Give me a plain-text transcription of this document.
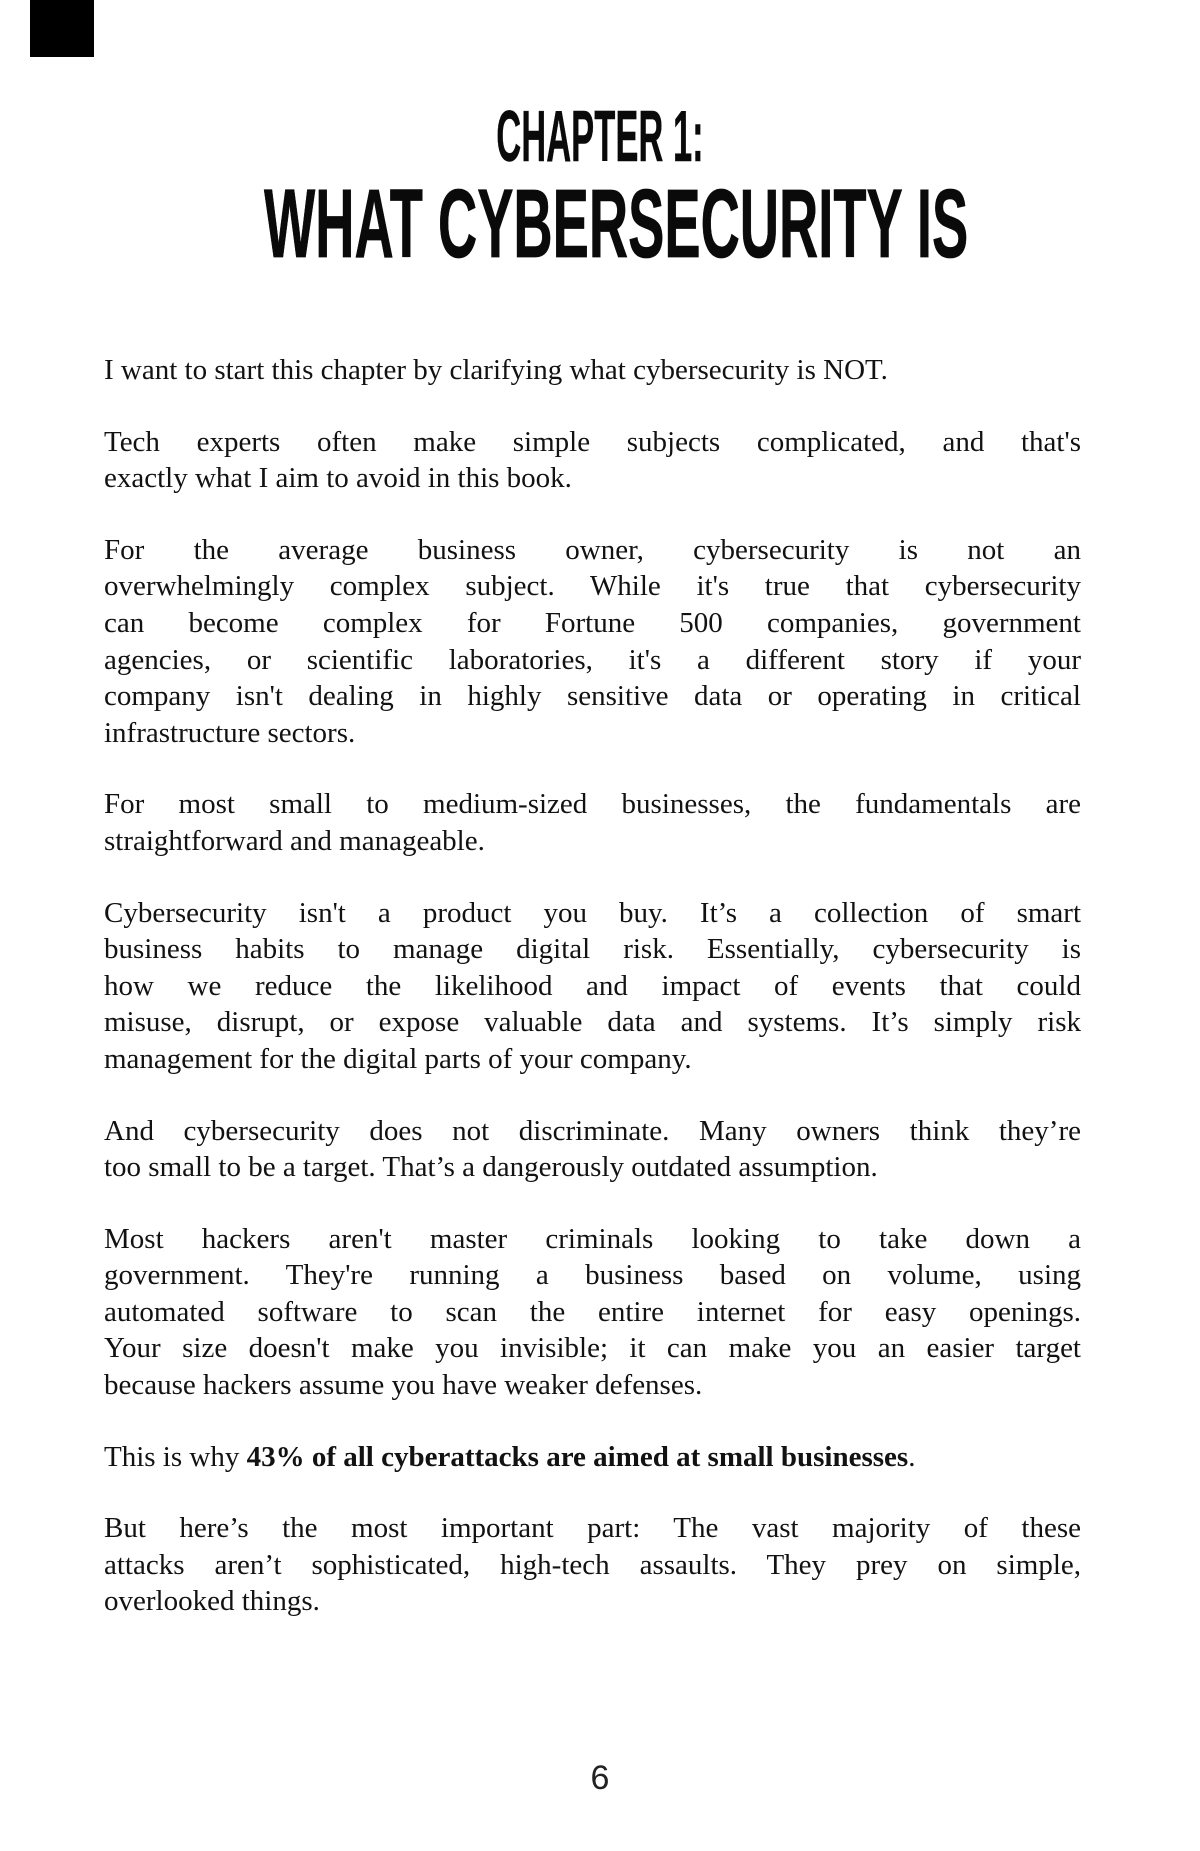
CHAPTER 1:
WHAT CYBERSECURITY IS

I want to start this chapter by clarifying what cybersecurity is NOT.

Tech experts often make simple subjects complicated, and that's
exactly what I aim to avoid in this book.

For the average business owner, cybersecurity is not an
overwhelmingly complex subject. While it's true that cybersecurity
can become complex for Fortune 500 companies, government
agencies, or scientific laboratories, it's a different story if your
company isn't dealing in highly sensitive data or operating in critical
infrastructure sectors.

For most small to medium-sized businesses, the fundamentals are
straightforward and manageable.

Cybersecurity isn't a product you buy. It’s a collection of smart
business habits to manage digital risk. Essentially, cybersecurity is
how we reduce the likelihood and impact of events that could
misuse, disrupt, or expose valuable data and systems. It’s simply risk
management for the digital parts of your company.

And cybersecurity does not discriminate. Many owners think they’re
too small to be a target. That’s a dangerously outdated assumption.

Most hackers aren't master criminals looking to take down a
government. They're running a business based on volume, using
automated software to scan the entire internet for easy openings.
Your size doesn't make you invisible; it can make you an easier target
because hackers assume you have weaker defenses.

This is why 43% of all cyberattacks are aimed at small businesses.

But here’s the most important part: The vast majority of these
attacks aren’t sophisticated, high-tech assaults. They prey on simple,
overlooked things.

6
